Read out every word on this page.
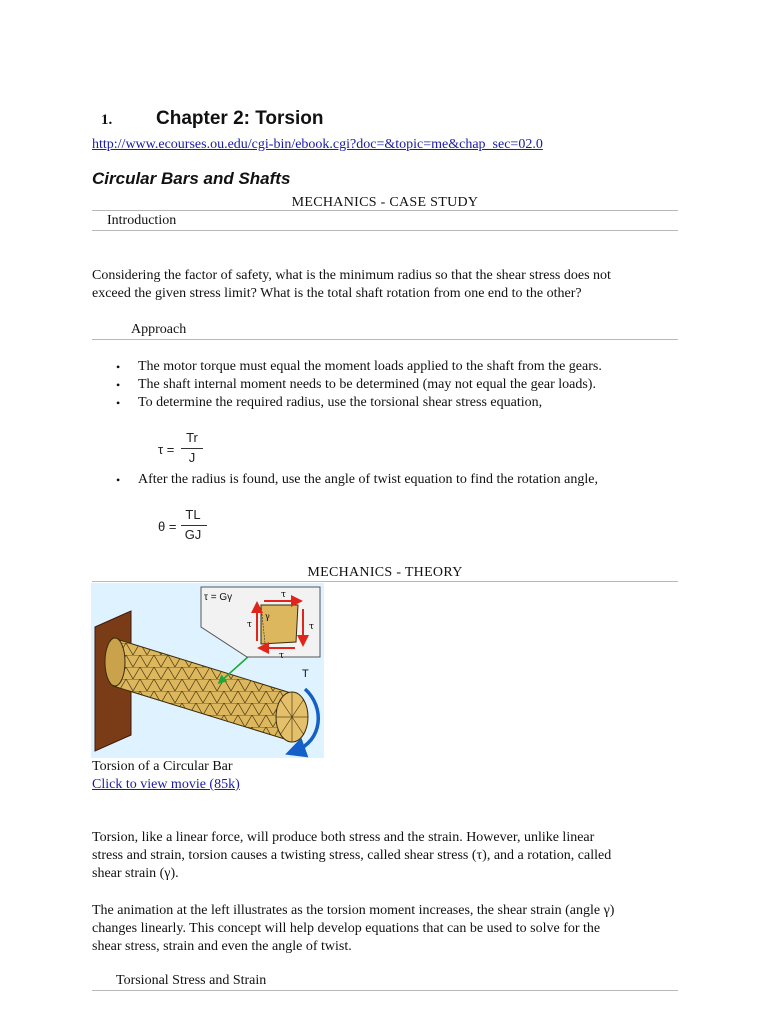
1. Chapter 2: Torsion
http://www.ecourses.ou.edu/cgi-bin/ebook.cgi?doc=&topic=me&chap_sec=02.0
Circular Bars and Shafts
MECHANICS - CASE STUDY
Introduction
Considering the factor of safety, what is the minimum radius so that the shear stress does not
exceed the given stress limit? What is the total shaft rotation from one end to the other?
Approach
• The motor torque must equal the moment loads applied to the shaft from the gears.
• The shaft internal moment needs to be determined (may not equal the gear loads).
• To determine the required radius, use the torsional shear stress equation,
τ =
Tr
J
• After the radius is found, use the angle of twist equation to find the rotation angle,
θ =
TL
GJ
MECHANICS - THEORY
T
τ = Gγ	τ
τ
τ	τ
γ
Torsion of a Circular Bar
Click to view movie (85k)
Torsion, like a linear force, will produce both stress and the strain. However, unlike linear
stress and strain, torsion causes a twisting stress, called shear stress (τ), and a rotation, called
shear strain (γ).
The animation at the left illustrates as the torsion moment increases, the shear strain (angle γ)
changes linearly. This concept will help develop equations that can be used to solve for the
shear stress, strain and even the angle of twist.
Torsional Stress and Strain
